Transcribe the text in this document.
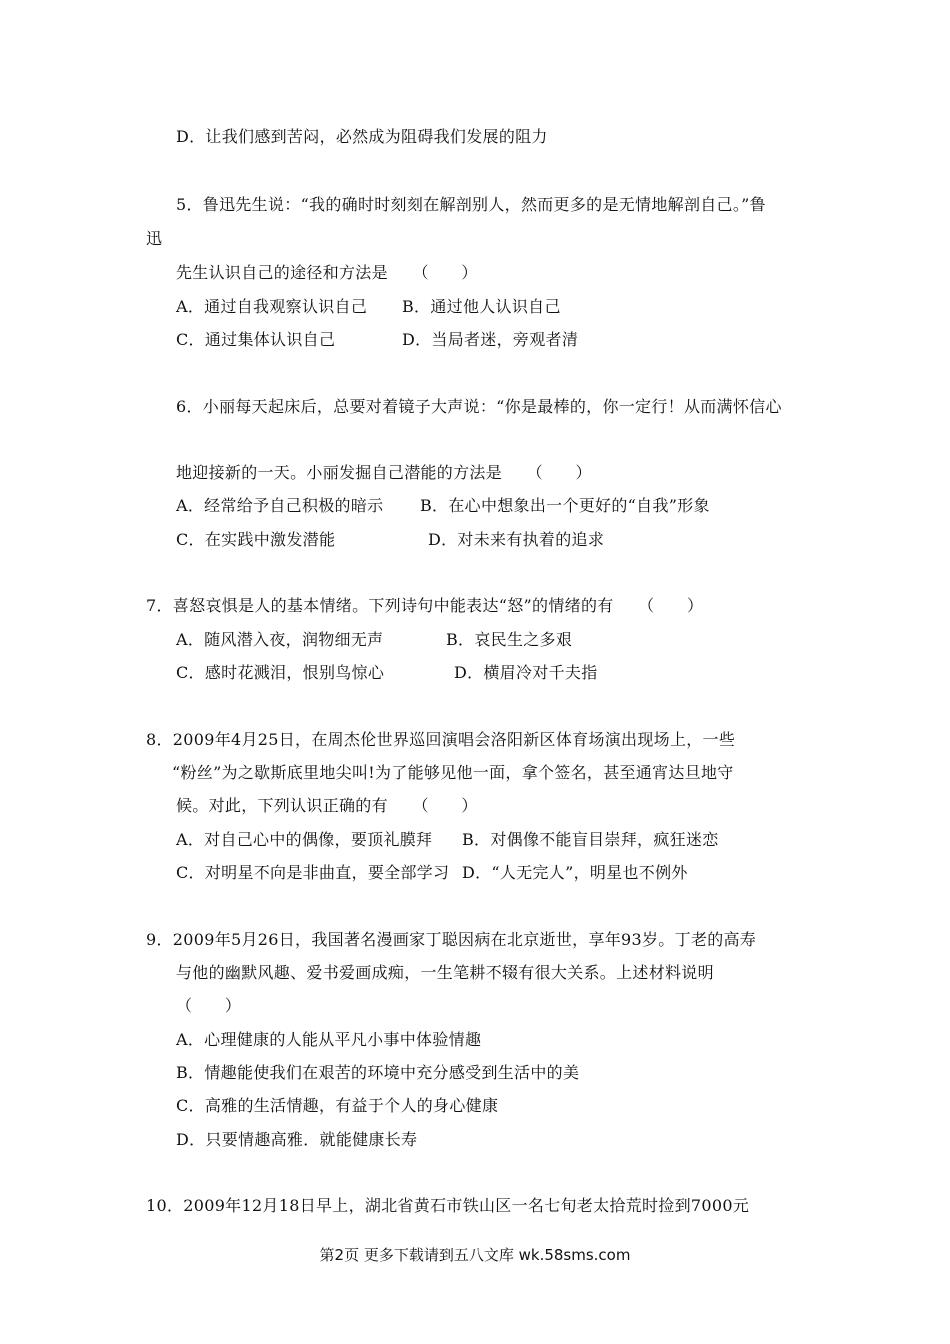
D．让我们感到苦闷，必然成为阻碍我们发展的阻力
5．鲁迅先生说：“我的确时时刻刻在解剖别人，然而更多的是无情地解剖自己。”鲁
迅
先生认识自己的途径和方法是　　（　　）
A．通过自我观察认识自己 B．通过他人认识自己
C．通过集体认识自己	D．当局者迷，旁观者清
6．小丽每天起床后，总要对着镜子大声说：“你是最棒的，你一定行！从而满怀信心
地迎接新的一天。小丽发掘自己潜能的方法是　　（　　）
A．经常给予自己积极的暗示 B．在心中想象出一个更好的“自我”形象
C．在实践中激发潜能	D．对未来有执着的追求
7．喜怒哀惧是人的基本情绪。下列诗句中能表达“怒”的情绪的有　　（　　）
A．随风潜入夜，润物细无声	B．哀民生之多艰
C．感时花溅泪，恨别鸟惊心	D．横眉冷对千夫指
8．2009年4月25日，在周杰伦世界巡回演唱会洛阳新区体育场演出现场上，一些
“粉丝”为之歇斯底里地尖叫!为了能够见他一面，拿个签名，甚至通宵达旦地守
候。对此，下列认识正确的有　　（　　）
A．对自己心中的偶像，要顶礼膜拜 B．对偶像不能盲目崇拜，疯狂迷恋
C．对明星不向是非曲直，要全部学习 D．“人无完人”，明星也不例外
9．2009年5月26日，我国著名漫画家丁聪因病在北京逝世，享年93岁。丁老的高寿
与他的幽默风趣、爱书爱画成痴，一生笔耕不辍有很大关系。上述材料说明
（　　）
A．心理健康的人能从平凡小事中体验情趣
B．情趣能使我们在艰苦的环境中充分感受到生活中的美
C．高雅的生活情趣，有益于个人的身心健康
D．只要情趣高雅．就能健康长寿
10．2009年12月18日早上，湖北省黄石市铁山区一名七旬老太拾荒时捡到7000元
第2页 更多下载请到五八文库 wk.58sms.com
